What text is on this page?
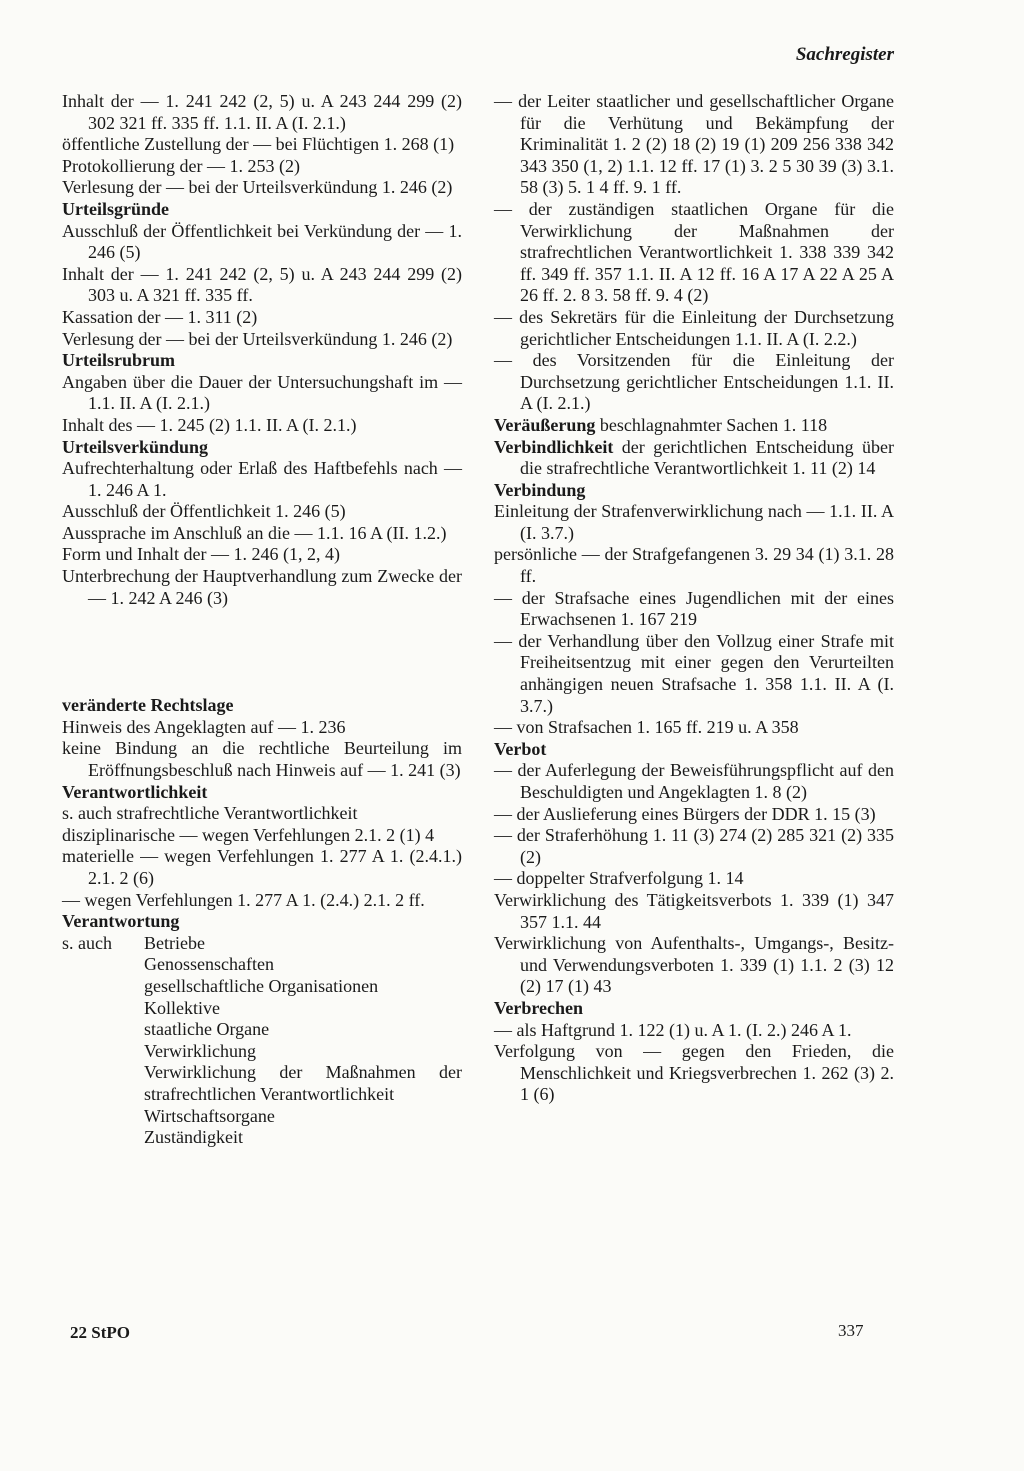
Sachregister
Inhalt der — 1. 241 242 (2, 5) u. A 243 244 299 (2) 302 321 ff. 335 ff. 1.1. II. A (I. 2.1.)
öffentliche Zustellung der — bei Flüchtigen 1. 268 (1)
Protokollierung der — 1. 253 (2)
Verlesung der — bei der Urteilsverkündung 1. 246 (2)
Urteilsgründe
Ausschluß der Öffentlichkeit bei Verkündung der — 1. 246 (5)
Inhalt der — 1. 241 242 (2, 5) u. A 243 244 299 (2) 303 u. A 321 ff. 335 ff.
Kassation der — 1. 311 (2)
Verlesung der — bei der Urteilsverkündung 1. 246 (2)
Urteilsrubrum
Angaben über die Dauer der Untersuchungshaft im — 1.1. II. A (I. 2.1.)
Inhalt des — 1. 245 (2) 1.1. II. A (I. 2.1.)
Urteilsverkündung
Aufrechterhaltung oder Erlaß des Haftbefehls nach — 1. 246 A 1.
Ausschluß der Öffentlichkeit 1. 246 (5)
Aussprache im Anschluß an die — 1.1. 16 A (II. 1.2.)
Form und Inhalt der — 1. 246 (1, 2, 4)
Unterbrechung der Hauptverhandlung zum Zwecke der — 1. 242 A 246 (3)
veränderte Rechtslage
Hinweis des Angeklagten auf — 1. 236
keine Bindung an die rechtliche Beurteilung im Eröffnungsbeschluß nach Hinweis auf — 1. 241 (3)
Verantwortlichkeit
s. auch strafrechtliche Verantwortlichkeit
disziplinarische — wegen Verfehlungen 2.1. 2 (1) 4
materielle — wegen Verfehlungen 1. 277 A 1. (2.4.1.) 2.1. 2 (6)
— wegen Verfehlungen 1. 277 A 1. (2.4.) 2.1. 2 ff.
Verantwortung
s. auch	Betriebe
Genossenschaften
gesellschaftliche Organisationen
Kollektive
staatliche Organe
Verwirklichung
Verwirklichung der Maßnahmen der strafrechtlichen Verantwortlichkeit
Wirtschaftsorgane
Zuständigkeit
— der Leiter staatlicher und gesellschaftlicher Organe für die Verhütung und Bekämpfung der Kriminalität 1. 2 (2) 18 (2) 19 (1) 209 256 338 342 343 350 (1, 2) 1.1. 12 ff. 17 (1) 3. 2 5 30 39 (3) 3.1. 58 (3) 5. 1 4 ff. 9. 1 ff.
— der zuständigen staatlichen Organe für die Verwirklichung der Maßnahmen der strafrechtlichen Verantwortlichkeit 1. 338 339 342 ff. 349 ff. 357 1.1. II. A 12 ff. 16 A 17 A 22 A 25 A 26 ff. 2. 8 3. 58 ff. 9. 4 (2)
— des Sekretärs für die Einleitung der Durchsetzung gerichtlicher Entscheidungen 1.1. II. A (I. 2.2.)
— des Vorsitzenden für die Einleitung der Durchsetzung gerichtlicher Entscheidungen 1.1. II. A (I. 2.1.)
Veräußerung beschlagnahmter Sachen 1. 118
Verbindlichkeit der gerichtlichen Entscheidung über die strafrechtliche Verantwortlichkeit 1. 11 (2) 14
Verbindung
Einleitung der Strafenverwirklichung nach — 1.1. II. A (I. 3.7.)
persönliche — der Strafgefangenen 3. 29 34 (1) 3.1. 28 ff.
— der Strafsache eines Jugendlichen mit der eines Erwachsenen 1. 167 219
— der Verhandlung über den Vollzug einer Strafe mit Freiheitsentzug mit einer gegen den Verurteilten anhängigen neuen Strafsache 1. 358 1.1. II. A (I. 3.7.)
— von Strafsachen 1. 165 ff. 219 u. A 358
Verbot
— der Auferlegung der Beweisführungspflicht auf den Beschuldigten und Angeklagten 1. 8 (2)
— der Auslieferung eines Bürgers der DDR 1. 15 (3)
— der Straferhöhung 1. 11 (3) 274 (2) 285 321 (2) 335 (2)
— doppelter Strafverfolgung 1. 14
Verwirklichung des Tätigkeitsverbots 1. 339 (1) 347 357 1.1. 44
Verwirklichung von Aufenthalts-, Umgangs-, Besitz- und Verwendungsverboten 1. 339 (1) 1.1. 2 (3) 12 (2) 17 (1) 43
Verbrechen
— als Haftgrund 1. 122 (1) u. A 1. (I. 2.) 246 A 1.
Verfolgung von — gegen den Frieden, die Menschlichkeit und Kriegsverbrechen 1. 262 (3) 2. 1 (6)
22 StPO	337
